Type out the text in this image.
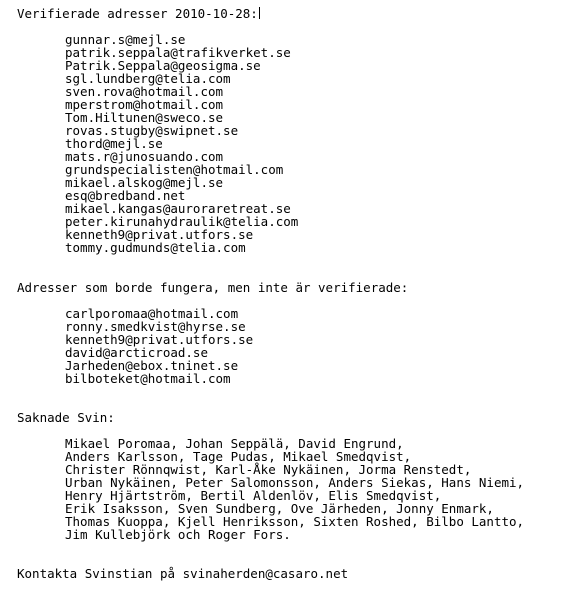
Verifierade adresser 2010-10-28:
gunnar.s@mejl.se
patrik.seppala@trafikverket.se
Patrik.Seppala@geosigma.se
sgl.lundberg@telia.com
sven.rova@hotmail.com
mperstrom@hotmail.com
Tom.Hiltunen@sweco.se
rovas.stugby@swipnet.se
thord@mejl.se
mats.r@junosuando.com
grundspecialisten@hotmail.com
mikael.alskog@mejl.se
esq@bredband.net
mikael.kangas@auroraretreat.se
peter.kirunahydraulik@telia.com
kenneth9@privat.utfors.se
tommy.gudmunds@telia.com
Adresser som borde fungera, men inte är verifierade:
carlporomaa@hotmail.com
ronny.smedkvist@hyrse.se
kenneth9@privat.utfors.se
david@arcticroad.se
Jarheden@ebox.tninet.se
bilboteket@hotmail.com
Saknade Svin:
Mikael Poromaa, Johan Seppälä, David Engrund,
Anders Karlsson, Tage Pudas, Mikael Smedqvist,
Christer Rönnqwist, Karl-Åke Nykäinen, Jorma Renstedt,
Urban Nykäinen, Peter Salomonsson, Anders Siekas, Hans Niemi,
Henry Hjärtström, Bertil Aldenlöv, Elis Smedqvist,
Erik Isaksson, Sven Sundberg, Ove Järheden, Jonny Enmark,
Thomas Kuoppa, Kjell Henriksson, Sixten Roshed, Bilbo Lantto,
Jim Kullebjörk och Roger Fors.
Kontakta Svinstian på svinaherden@casaro.net
